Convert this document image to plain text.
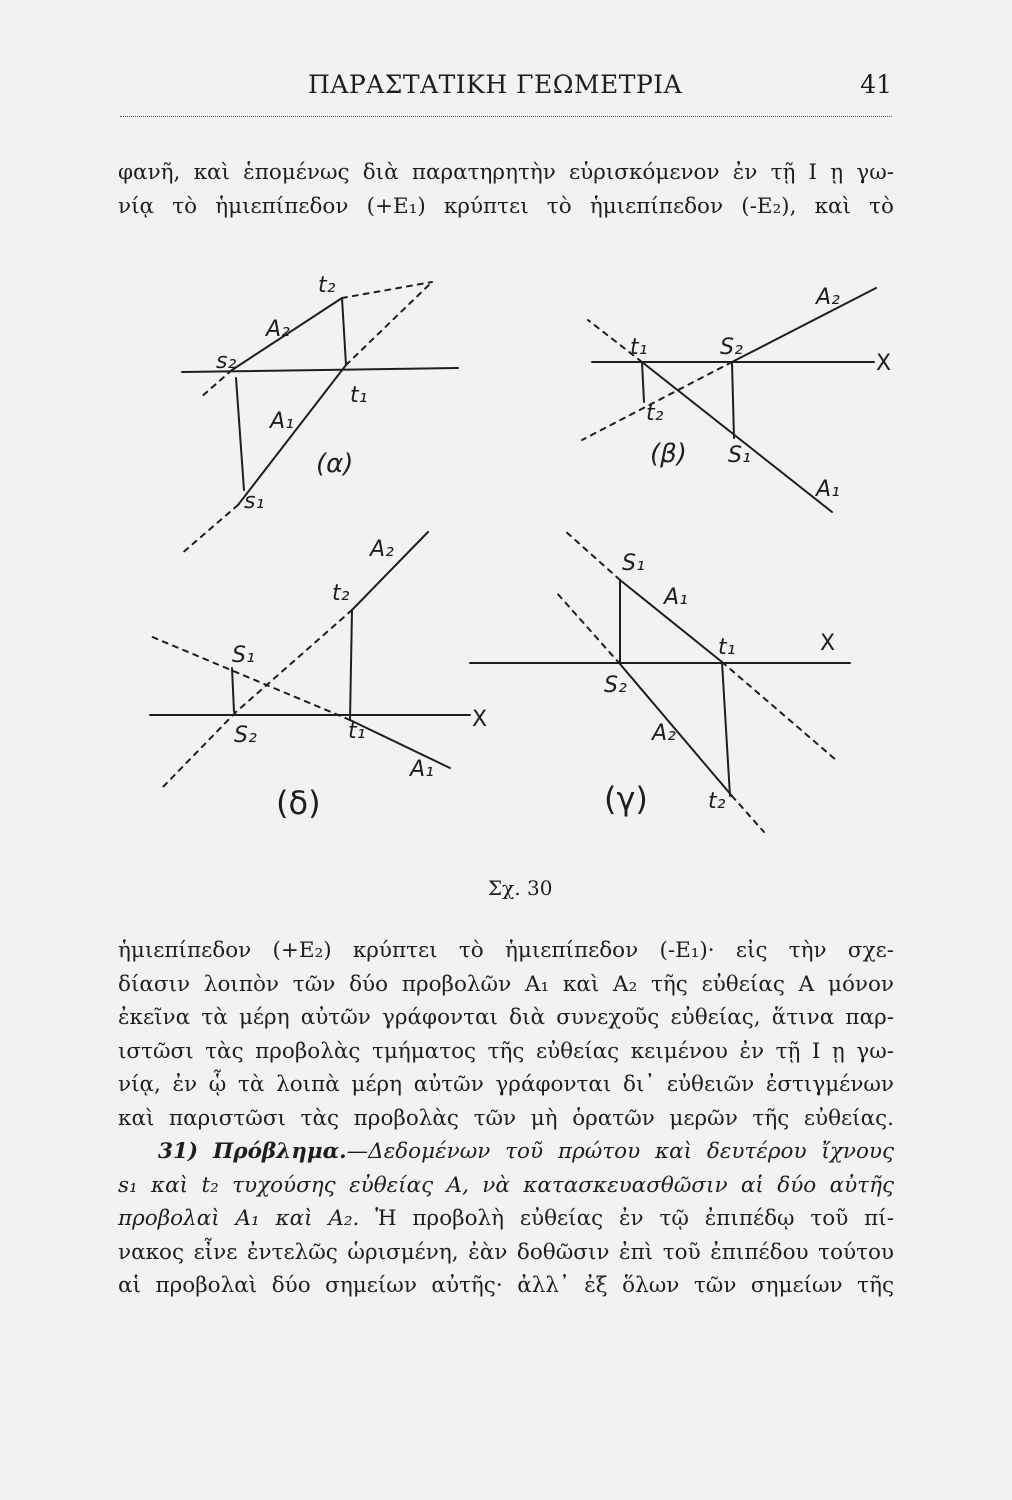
ΠΑΡΑΣΤΑΤΙΚΗ ΓΕΩΜΕΤΡΙΑ	41
φανῆ, καὶ ἑπομένως διὰ παρατηρητὴν εὑρισκόμενον ἐν τῇ I ῃ γω-
νίᾳ τὸ ἡμιεπίπεδον (+E₁) κρύπτει τὸ ἡμιεπίπεδον (-E₂), καὶ τὸ
t₂
A₂
s₂
t₁
A₁
s₁
(α)
A₂
t₁	S₂
X
t₂
S₁
A₁
(β)
A₂
t₂
S₁
S₂	t₁	X
A₁
(δ)
S₁
A₁
t₁	X
S₂
A₂
t₂
(γ)
Σχ. 30
ἡμιεπίπεδον (+E₂) κρύπτει τὸ ἡμιεπίπεδον (-E₁)· εἰς τὴν σχε-
δίασιν λοιπὸν τῶν δύο προβολῶν A₁ καὶ A₂ τῆς εὐθείας A μόνον
ἐκεῖνα τὰ μέρη αὐτῶν γράφονται διὰ συνεχοῦς εὐθείας, ἅτινα παρ-
ιστῶσι τὰς προβολὰς τμήματος τῆς εὐθείας κειμένου ἐν τῇ I ῃ γω-
νίᾳ, ἐν ᾧ τὰ λοιπὰ μέρη αὐτῶν γράφονται δι᾽ εὐθειῶν ἐστιγμένων
καὶ παριστῶσι τὰς προβολὰς τῶν μὴ ὁρατῶν μερῶν τῆς εὐθείας.
31) Πρόβλημα.—Δεδομένων τοῦ πρώτου καὶ δευτέρου ἴχνους
s₁ καὶ t₂ τυχούσης εὐθείας A, νὰ κατασκευασθῶσιν αἱ δύο αὐτῆς
προβολαὶ A₁ καὶ A₂. Ἡ προβολὴ εὐθείας ἐν τῷ ἐπιπέδῳ τοῦ πί-
νακος εἶνε ἐντελῶς ὡρισμένη, ἐὰν δοθῶσιν ἐπὶ τοῦ ἐπιπέδου τούτου
αἱ προβολαὶ δύο σημείων αὐτῆς· ἀλλ᾽ ἐξ ὅλων τῶν σημείων τῆς
